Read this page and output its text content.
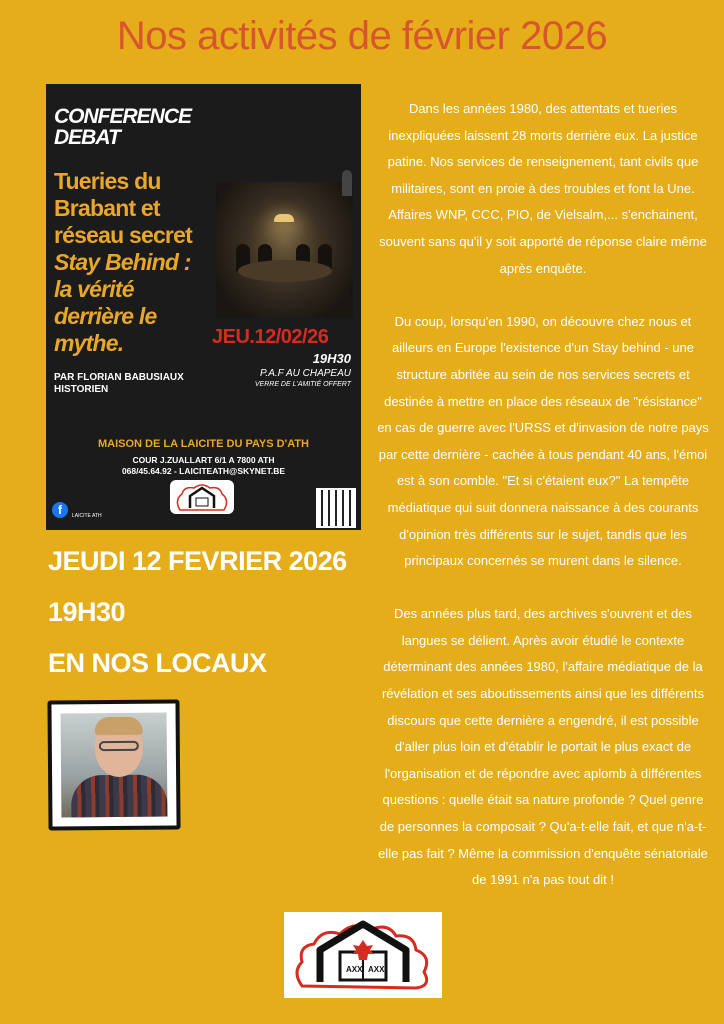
Nos activités de février 2026
CONFERENCE
DEBAT
Tueries du
Brabant et
réseau secret
Stay Behind :
la vérité
derrière le
mythe.	JEU.12/02/26
19H30
P.A.F AU CHAPEAU
VERRE DE L'AMITIÉ OFFERT
PAR FLORIAN BABUSIAUX
HISTORIEN
MAISON DE LA LAICITE DU PAYS D'ATH
COUR J.ZUALLART 6/1 A 7800 ATH
068/45.64.92 - LAICITEATH@SKYNET.BE
f	LAICITE ATH
JEUDI 12 FEVRIER 2026
19H30
EN NOS LOCAUX

Dans les années 1980, des attentats et tueries inexpliquées laissent 28 morts derrière eux. La justice patine. Nos services de renseignement, tant civils que militaires, sont en proie à des troubles et font la Une. Affaires WNP, CCC, PIO, de Vielsalm,... s'enchainent, souvent sans qu'il y soit apporté de réponse claire même après enquête.

Du coup, lorsqu'en 1990, on découvre chez nous et ailleurs en Europe l'existence d'un Stay behind - une structure abritée au sein de nos services secrets et destinée à mettre en place des réseaux de "résistance" en cas de guerre avec l'URSS et d'invasion de notre pays par cette dernière - cachée à tous pendant 40 ans, l'émoi est à son comble. "Et si c'étaient eux?" La tempête médiatique qui suit donnera naissance à des courants d'opinion très différents sur le sujet, tandis que les principaux concernés se murent dans le silence.

Des années plus tard, des archives s'ouvrent et des langues se délient. Après avoir étudié le contexte déterminant des années 1980, l'affaire médiatique de la révélation et ses aboutissements ainsi que les différents discours que cette dernière a engendré, il est possible d'aller plus loin et d'établir le portait le plus exact de l'organisation et de répondre avec aplomb à différentes questions : quelle était sa nature profonde ? Quel genre de personnes la composait ? Qu'a-t-elle fait, et que n'a-t-elle pas fait ? Même la commission d'enquête sénatoriale de 1991 n'a pas tout dit !

AXX AXX
